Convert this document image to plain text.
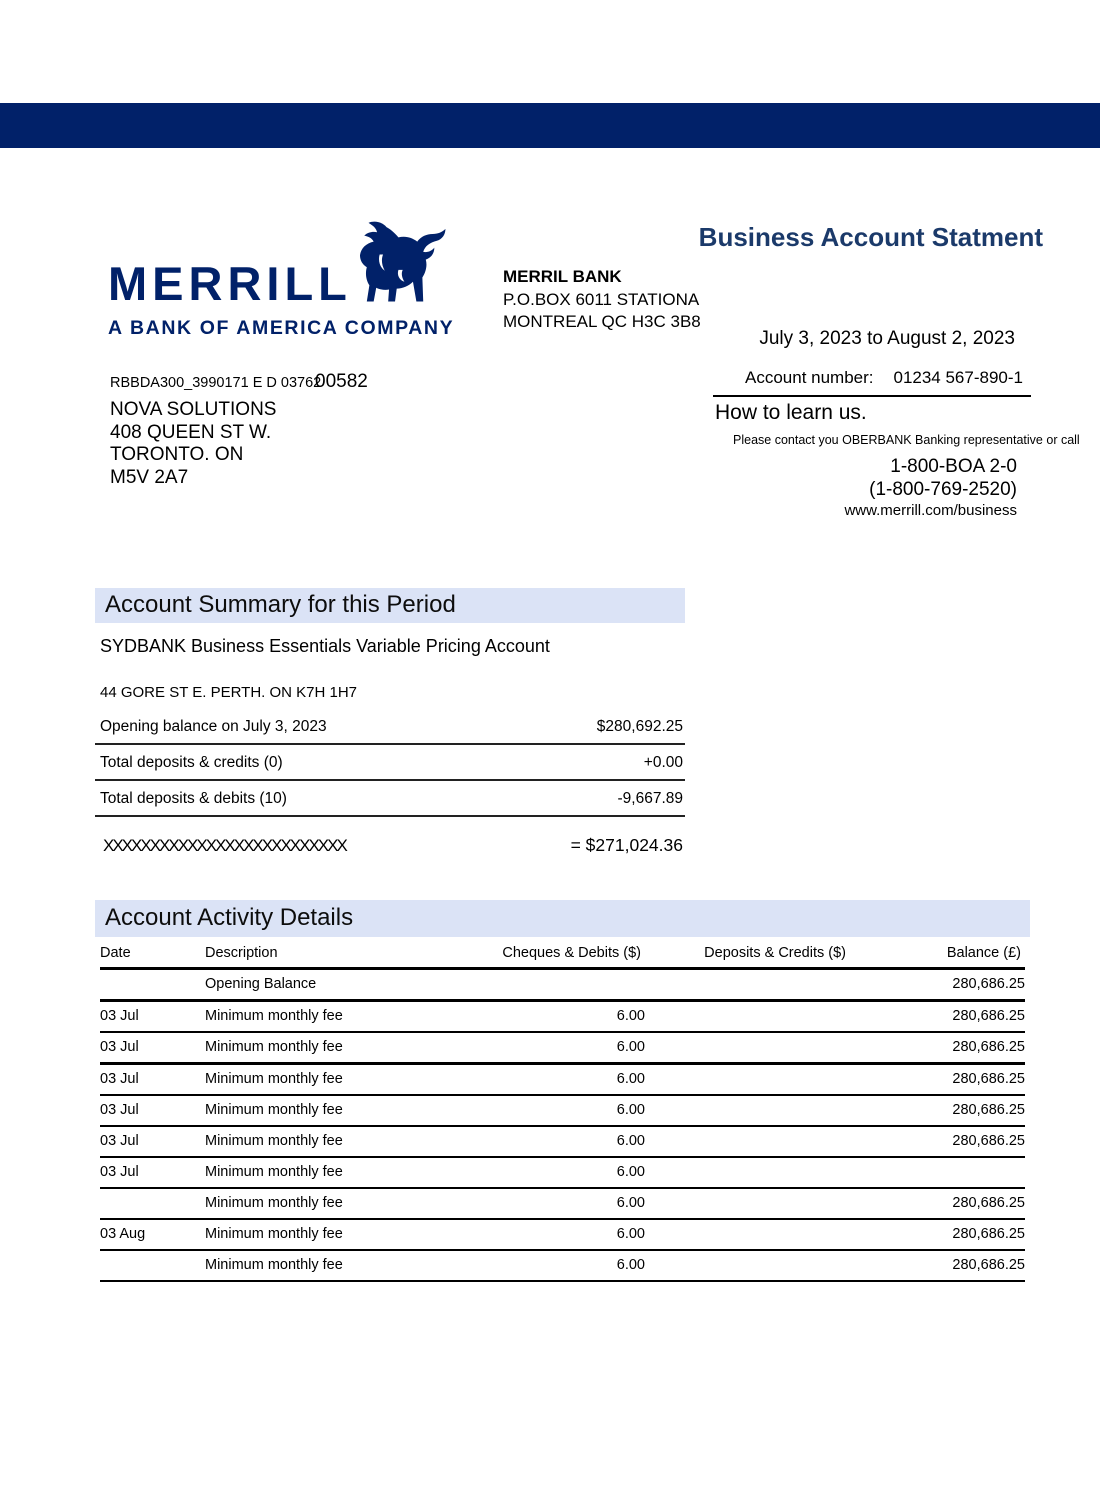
MERRILL
A BANK OF AMERICA COMPANY
MERRIL BANK
P.O.BOX 6011 STATIONA
MONTREAL QC H3C 3B8
Business Account Statment
July 3, 2023 to August 2, 2023
Account number: 01234 567-890-1
How to learn us.
Please contact you OBERBANK Banking representative or call
1-800-BOA 2-0
(1-800-769-2520)
www.merrill.com/business
RBBDA300_3990171 E D 03762
00582
NOVA SOLUTIONS
408 QUEEN ST W.
TORONTO. ON
M5V 2A7
Account Summary for this Period
SYDBANK Business Essentials Variable Pricing Account
44 GORE ST E. PERTH. ON K7H 1H7
Opening balance on July 3, 2023	$280,692.25
Total deposits & credits (0)	+0.00
Total deposits & debits (10)	-9,667.89
XXXXXXXXXXXXXXXXXXXXXXXXXX	= $271,024.36
Account Activity Details
Date	Description	Cheques & Debits ($)	Deposits & Credits ($)	Balance (£)
	Opening Balance			280,686.25
03 Jul	Minimum monthly fee	6.00		280,686.25
03 Jul	Minimum monthly fee	6.00		280,686.25
03 Jul	Minimum monthly fee	6.00		280,686.25
03 Jul	Minimum monthly fee	6.00		280,686.25
03 Jul	Minimum monthly fee	6.00		280,686.25
03 Jul	Minimum monthly fee	6.00		
	Minimum monthly fee	6.00		280,686.25
03 Aug	Minimum monthly fee	6.00		280,686.25
	Minimum monthly fee	6.00		280,686.25
